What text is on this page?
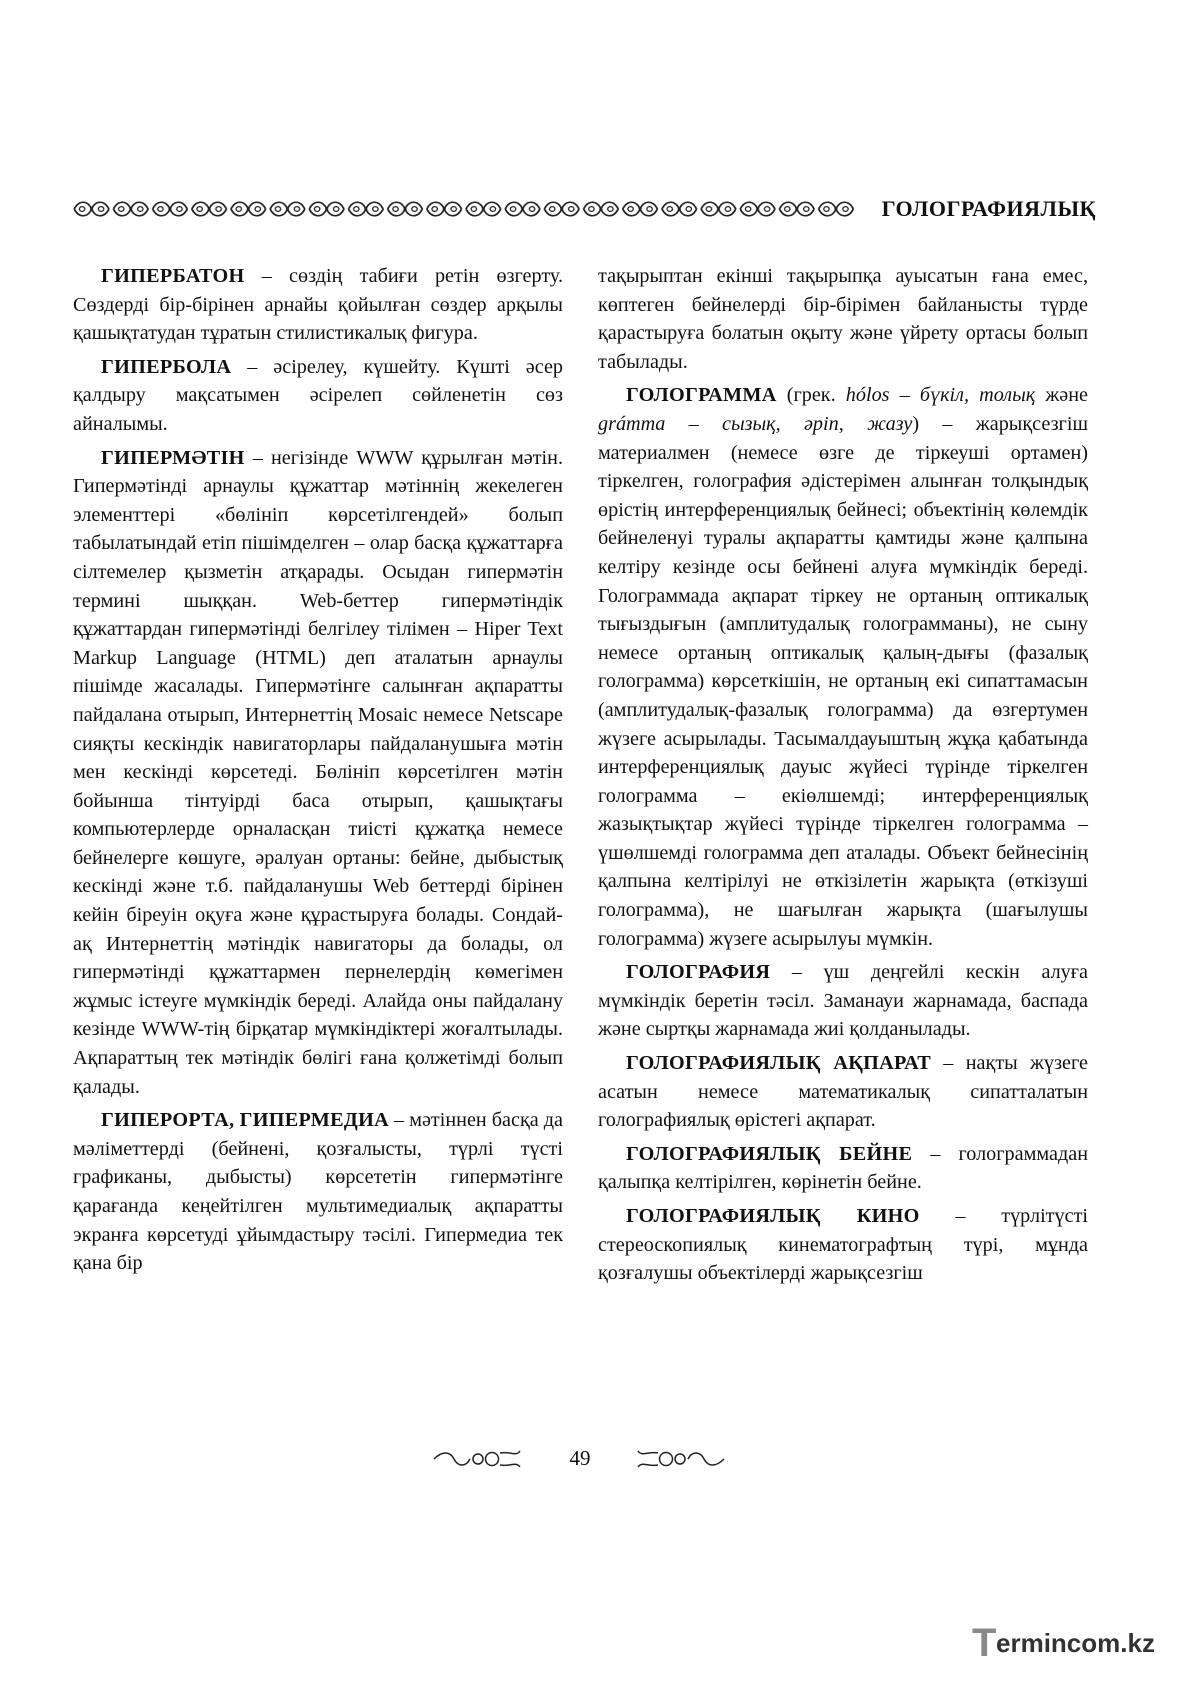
ГОЛОГРАФИЯЛЫҚ

ГИПЕРБАТОН – сөздің табиғи ретін өзгерту. Сөздерді бір-бірінен арнайы қойылған сөздер арқылы қашықтатудан тұратын стилистикалық фигура.

ГИПЕРБОЛА – әсірелеу, күшейту. Күшті әсер қалдыру мақсатымен әсірелеп сөйленетін сөз айналымы.

ГИПЕРМӘТІН – негізінде WWW құрылған мәтін. Гипермәтінді арнаулы құжаттар мәтіннің жекелеген элементтері «бөлініп көрсетілгендей» болып табылатындай етіп пішімделген – олар басқа құжаттарға сілтемелер қызметін атқарады. Осыдан гипермәтін термині шыққан. Web-беттер гипермәтіндік құжаттардан гипермәтінді белгілеу тілімен – Hiper Text Markup Language (HTML) деп аталатын арнаулы пішімде жасалады. Гипермәтінге салынған ақпаратты пайдалана отырып, Интернеттің Mosaic немесе Netscape сияқты кескіндік навигаторлары пайдаланушыға мәтін мен кескінді көрсетеді. Бөлініп көрсетілген мәтін бойынша тінтуірді баса отырып, қашықтағы компьютерлерде орналасқан тиісті құжатқа немесе бейнелерге көшуге, әралуан ортаны: бейне, дыбыстық кескінді және т.б. пайдаланушы Web беттерді бірінен кейін біреуін оқуға және құрастыруға болады. Сондай-ақ Интернеттің мәтіндік навигаторы да болады, ол гипермәтінді құжаттармен пернелердің көмегімен жұмыс істеуге мүмкіндік береді. Алайда оны пайдалану кезінде WWW-тің бірқатар мүмкіндіктері жоғалтылады. Ақпараттың тек мәтіндік бөлігі ғана қолжетімді болып қалады.

ГИПЕРОРТА, ГИПЕРМЕДИА – мәтіннен басқа да мәліметтерді (бейнені, қозғалысты, түрлі түсті графиканы, дыбысты) көрсететін гипермәтінге қарағанда кеңейтілген мультимедиалық ақпаратты экранға көрсетуді ұйымдастыру тәсілі. Гипермедиа тек қана бір

тақырыптан екінші тақырыпқа ауысатын ғана емес, көптеген бейнелерді бір-бірімен байланысты түрде қарастыруға болатын оқыту және үйрету ортасы болып табылады.

ГОЛОГРАММА (грек. hólos – бүкіл, толық және grámma – сызық, әріп, жазу) – жарықсезгіш материалмен (немесе өзге де тіркеуші ортамен) тіркелген, голография әдістерімен алынған толқындық өрістің интерференциялық бейнесі; объектінің көлемдік бейнеленуі туралы ақпаратты қамтиды және қалпына келтіру кезінде осы бейнені алуға мүмкіндік береді. Голограммада ақпарат тіркеу не ортаның оптикалық тығыздығын (амплитудалық голограмманы), не сыну немесе ортаның оптикалық қалың-дығы (фазалық голограмма) көрсеткішін, не ортаның екі сипаттамасын (амплитудалық-фазалық голограмма) да өзгертумен жүзеге асырылады. Тасымалдауыштың жұқа қабатында интерференциялық дауыс жүйесі түрінде тіркелген голограмма – екіөлшемді; интерференциялық жазықтықтар жүйесі түрінде тіркелген голограмма – үшөлшемді голограмма деп аталады. Объект бейнесінің қалпына келтірілуі не өткізілетін жарықта (өткізуші голограмма), не шағылған жарықта (шағылушы голограмма) жүзеге асырылуы мүмкін.

ГОЛОГРАФИЯ – үш деңгейлі кескін алуға мүмкіндік беретін тәсіл. Заманауи жарнамада, баспада және сыртқы жарнамада жиі қолданылады.

ГОЛОГРАФИЯЛЫҚ АҚПАРАТ – нақты жүзеге асатын немесе математикалық сипатталатын голографиялық өрістегі ақпарат.

ГОЛОГРАФИЯЛЫҚ БЕЙНЕ – голограммадан қалыпқа келтірілген, көрінетін бейне.

ГОЛОГРАФИЯЛЫҚ КИНО – түрлітүсті стереоскопиялық кинематографтың түрі, мұнда қозғалушы объектілерді жарықсезгіш

49
T ermincom.kz
